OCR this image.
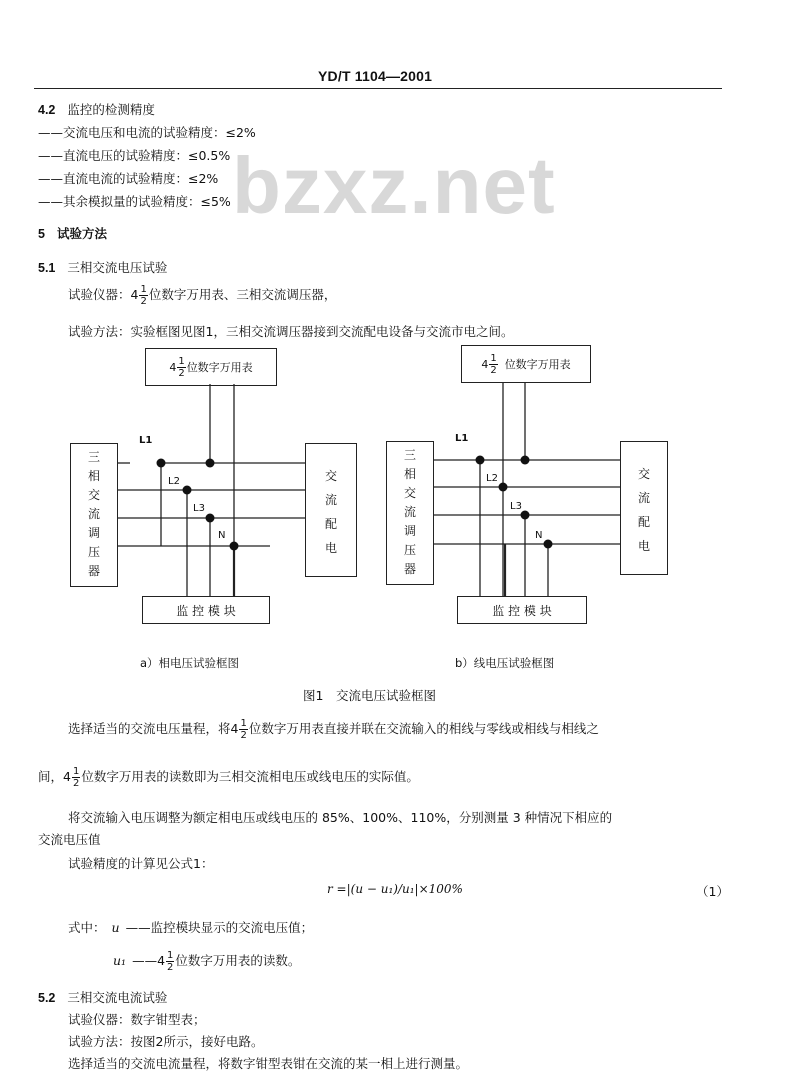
YD/T 1104—2001
bzxz.net
4.2 监控的检测精度
——交流电压和电流的试验精度：≤2%
——直流电压的试验精度：≤0.5%
——直流电流的试验精度：≤2%
——其余模拟量的试验精度：≤5%
5 试验方法
5.1 三相交流电压试验
试验仪器：$4 \frac{1}{2}$ 位数字万用表、三相交流调压器，
试验方法：实验框图见图1，三相交流调压器接到交流配电设备与交流市电之间。
$4 \frac{1}{2}$ 位数字万用表
三
相
交
流
调
压
器
交
流
配
电
监 控 模 块
L1
L2
L3
N
$4 \frac{1}{2}$ 位数字万用表
三
相
交
流
调
压
器
交
流
配
电
监 控 模 块
L1
L2
L3
N
a）相电压试验框图	b）线电压试验框图
图1　交流电压试验框图
选择适当的交流电压量程，将$4 \frac{1}{2}$ 位数字万用表直接并联在交流输入的相线与零线或相线与相线之
间，$4 \frac{1}{2}$ 位数字万用表的读数即为三相交流相电压或线电压的实际值。
将交流输入电压调整为额定相电压或线电压的 85%、100%、110%，分别测量 3 种情况下相应的
交流电压值
试验精度的计算见公式1：
r =|(u − u₁)/u₁|×100%	（1）
式中： u ——监控模块显示的交流电压值；
u₁ ——4 $\frac{1}{2}$ 位数字万用表的读数。
5.2 三相交流电流试验
试验仪器：数字钳型表；
试验方法：按图2所示，接好电路。
选择适当的交流电流量程，将数字钳型表钳在交流的某一相上进行测量。
